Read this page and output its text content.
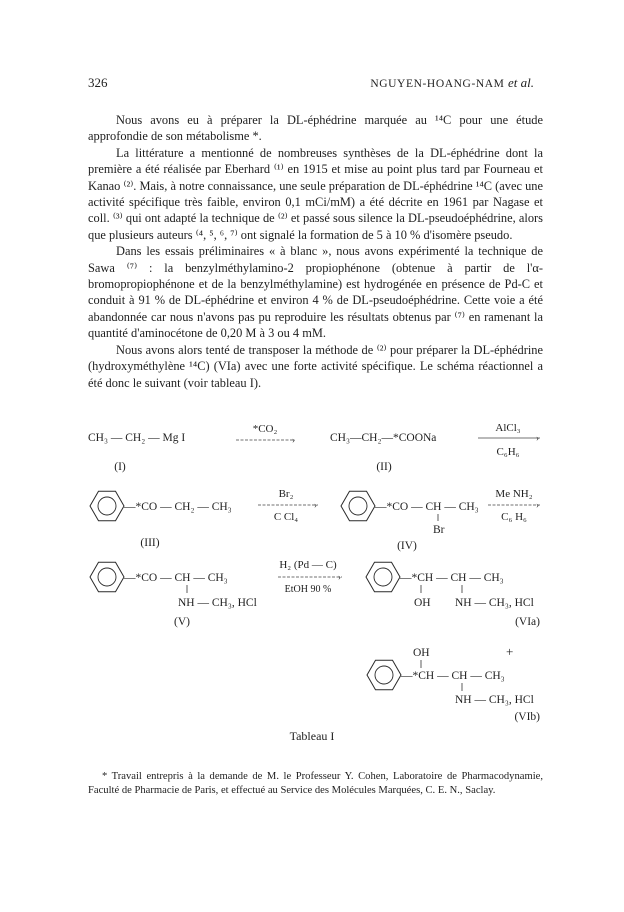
326	NGUYEN-HOANG-NAM et al.

Nous avons eu à préparer la DL-éphédrine marquée au ¹⁴C pour une étude approfondie de son métabolisme *.

La littérature a mentionné de nombreuses synthèses de la DL-éphédrine dont la première a été réalisée par Eberhard ⁽¹⁾ en 1915 et mise au point plus tard par Fourneau et Kanao ⁽²⁾. Mais, à notre connaissance, une seule préparation de DL-éphédrine ¹⁴C (avec une activité spécifique très faible, environ 0,1 mCi/mM) a été décrite en 1961 par Nagase et coll. ⁽³⁾ qui ont adapté la technique de ⁽²⁾ et passé sous silence la DL-pseudoéphédrine, alors que plusieurs auteurs ⁽⁴, ⁵, ⁶, ⁷⁾ ont signalé la formation de 5 à 10 % d'isomère pseudo.

Dans les essais préliminaires « à blanc », nous avons expérimenté la technique de Sawa ⁽⁷⁾ : la benzylméthylamino-2 propiophénone (obtenue à partir de l'α-bromopropiophénone et de la benzylméthylamine) est hydrogénée en présence de Pd-C et conduit à 91 % de DL-éphédrine et environ 4 % de DL-pseudoéphédrine. Cette voie a été abandonnée car nous n'avons pas pu reproduire les résultats obtenus par ⁽⁷⁾ en ramenant la quantité d'aminocétone de 0,20 M à 3 ou 4 mM.

Nous avons alors tenté de transposer la méthode de ⁽²⁾ pour préparer la DL-éphédrine (hydroxyméthylène ¹⁴C) (VIa) avec une forte activité spécifique. Le schéma réactionnel a été donc le suivant (voir tableau I).

CH₃ — CH₂ — Mg I
(I)
*CO₂
›	CH₃—CH₂—*COONa
(II)
AlCl₃
›
C₆H₆
—*CO — CH₂ — CH₃
(III)
Br₂
›
C Cl₄
—*CO — CH — CH₃
Br
(IV)
Me NH₂
›
C₆ H₆
—*CO — CH — CH₃
NH — CH₃, HCl
(V)
H₂ (Pd — C)
›
EtOH 90 %
—*CH — CH — CH₃
OH NH — CH₃, HCl
(VIa)
+
OH
—*CH — CH — CH₃
NH — CH₃, HCl
(VIb)
Tableau I
* Travail entrepris à la demande de M. le Professeur Y. Cohen, Laboratoire de Pharmacodynamie, Faculté de Pharmacie de Paris, et effectué au Service des Molécules Marquées, C. E. N., Saclay.
